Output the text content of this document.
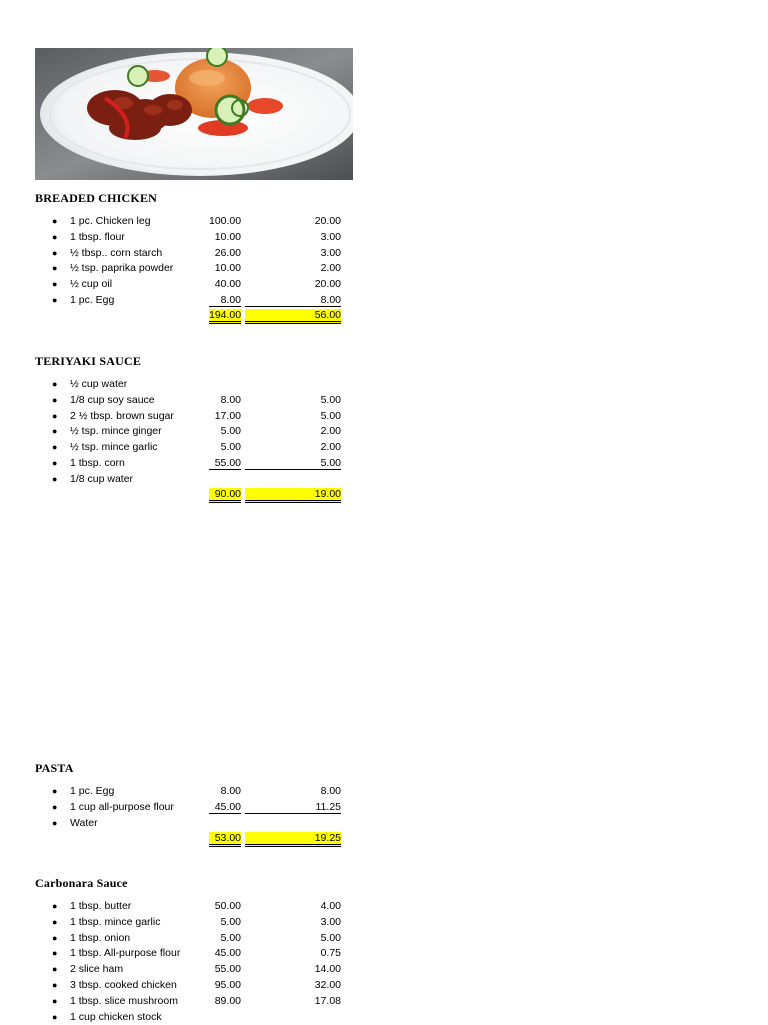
BREADED CHICKEN
● 1 pc. Chicken leg	100.00	20.00
● 1 tbsp. flour	10.00	3.00
● ½ tbsp.. corn starch	26.00	3.00
● ½ tsp. paprika powder	10.00	2.00
● ½ cup oil	40.00	20.00
● 1 pc. Egg	8.00	8.00
194.00	56.00
TERIYAKI SAUCE
● ½ cup water
● 1/8 cup soy sauce	8.00	5.00
● 2 ½ tbsp. brown sugar	17.00	5.00
● ½ tsp. mince ginger	5.00	2.00
● ½ tsp. mince garlic	5.00	2.00
● 1 tbsp. corn	55.00	5.00
● 1/8 cup water
90.00	19.00
PASTA
● 1 pc. Egg	8.00	8.00
● 1 cup all-purpose flour	45.00	11.25
● Water
53.00	19.25
Carbonara Sauce
● 1 tbsp. butter	50.00	4.00
● 1 tbsp. mince garlic	5.00	3.00
● 1 tbsp. onion	5.00	5.00
● 1 tbsp. All-purpose flour	45.00	0.75
● 2 slice ham	55.00	14.00
● 3 tbsp. cooked chicken	95.00	32.00
● 1 tbsp. slice mushroom	89.00	17.08
● 1 cup chicken stock
